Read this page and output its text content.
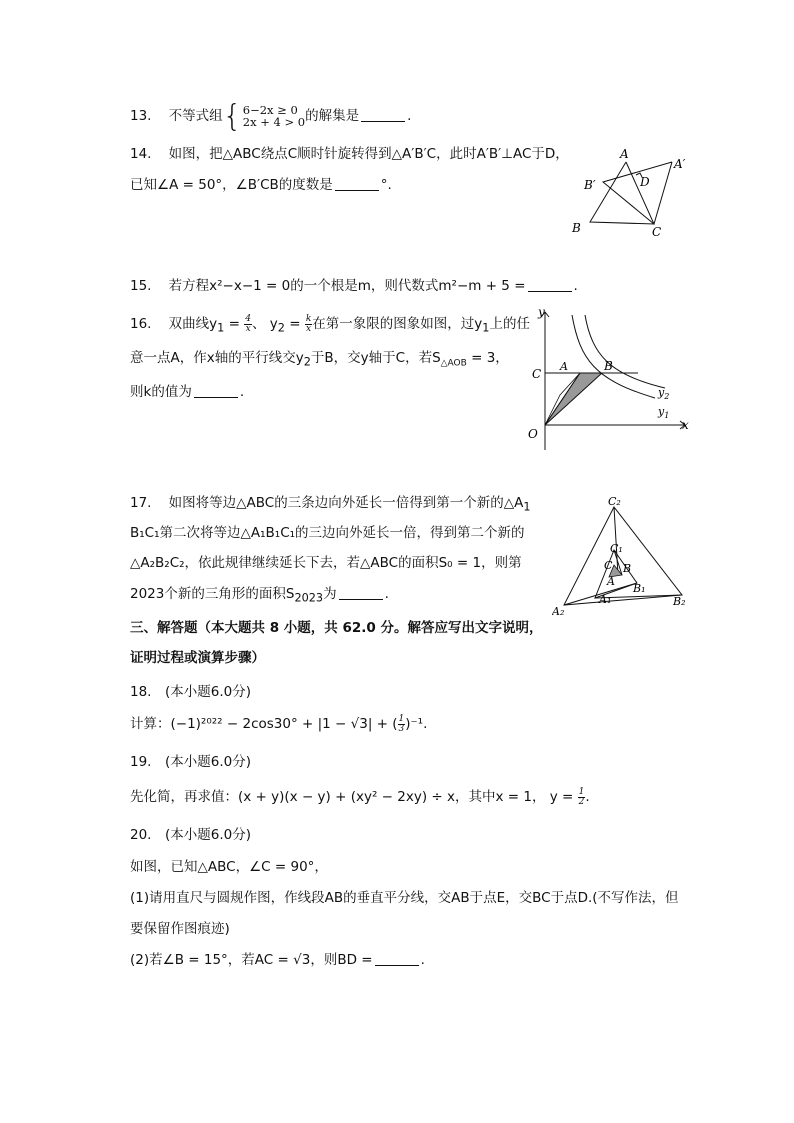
13. 不等式组{6−2x ≥ 0
2x + 4 > 0的解集是	.
14. 如图，把△ABC绕点C顺时针旋转得到△A′B′C，此时A′B′⊥AC于D，
已知∠A = 50°，∠B′CB的度数是	°.
A
A′
B′	D
B	C
15. 若方程x²−x−1 = 0的一个根是m，则代数式m²−m + 5 =	.
16. 双曲线$y_1 = \frac{4}{x}$ 、 $y_2 = \frac{k}{x}$ 在第一象限的图象如图，过$y_1$上的任
意一点A，作x轴的平行线交$y_2$于B，交y轴于C，若$S_{\triangle AOB} = 3$，
则k的值为	.
y
x
O
C
A	B
$y_2$
$y_1$
17. 如图将等边△ABC的三条边向外延长一倍得到第一个新的$\triangle A_1$
B₁C₁第二次将等边△A₁B₁C₁的三边向外延长一倍，得到第二个新的
△A₂B₂C₂，依此规律继续延长下去，若△ABC的面积S₀ = 1，则第
2023个新的三角形的面积$S_{2023}$为	.
C₂
C₁
C B
A
A₁
B₁
A₂
B₂
三、解答题（本大题共 8 小题，共 62.0 分。解答应写出文字说明，
证明过程或演算步骤）
18.　(本小题6.0分)
计算：(−1)²⁰²² − 2cos30° + |1 − √3| + ( $\frac{1}{3} )^{-1}$.
19.　(本小题6.0分)
先化简，再求值：(x + y)(x − y) + (xy² − 2xy) ÷ x，其中x = 1， $y = \frac{1}{2}$ .
20.　(本小题6.0分)
如图，已知△ABC，∠C = 90°，
(1)请用直尺与圆规作图，作线段AB的垂直平分线，交AB于点E，交BC于点D.(不写作法，但
要保留作图痕迹)
(2)若∠B = 15°，若AC = √3，则BD =	.
